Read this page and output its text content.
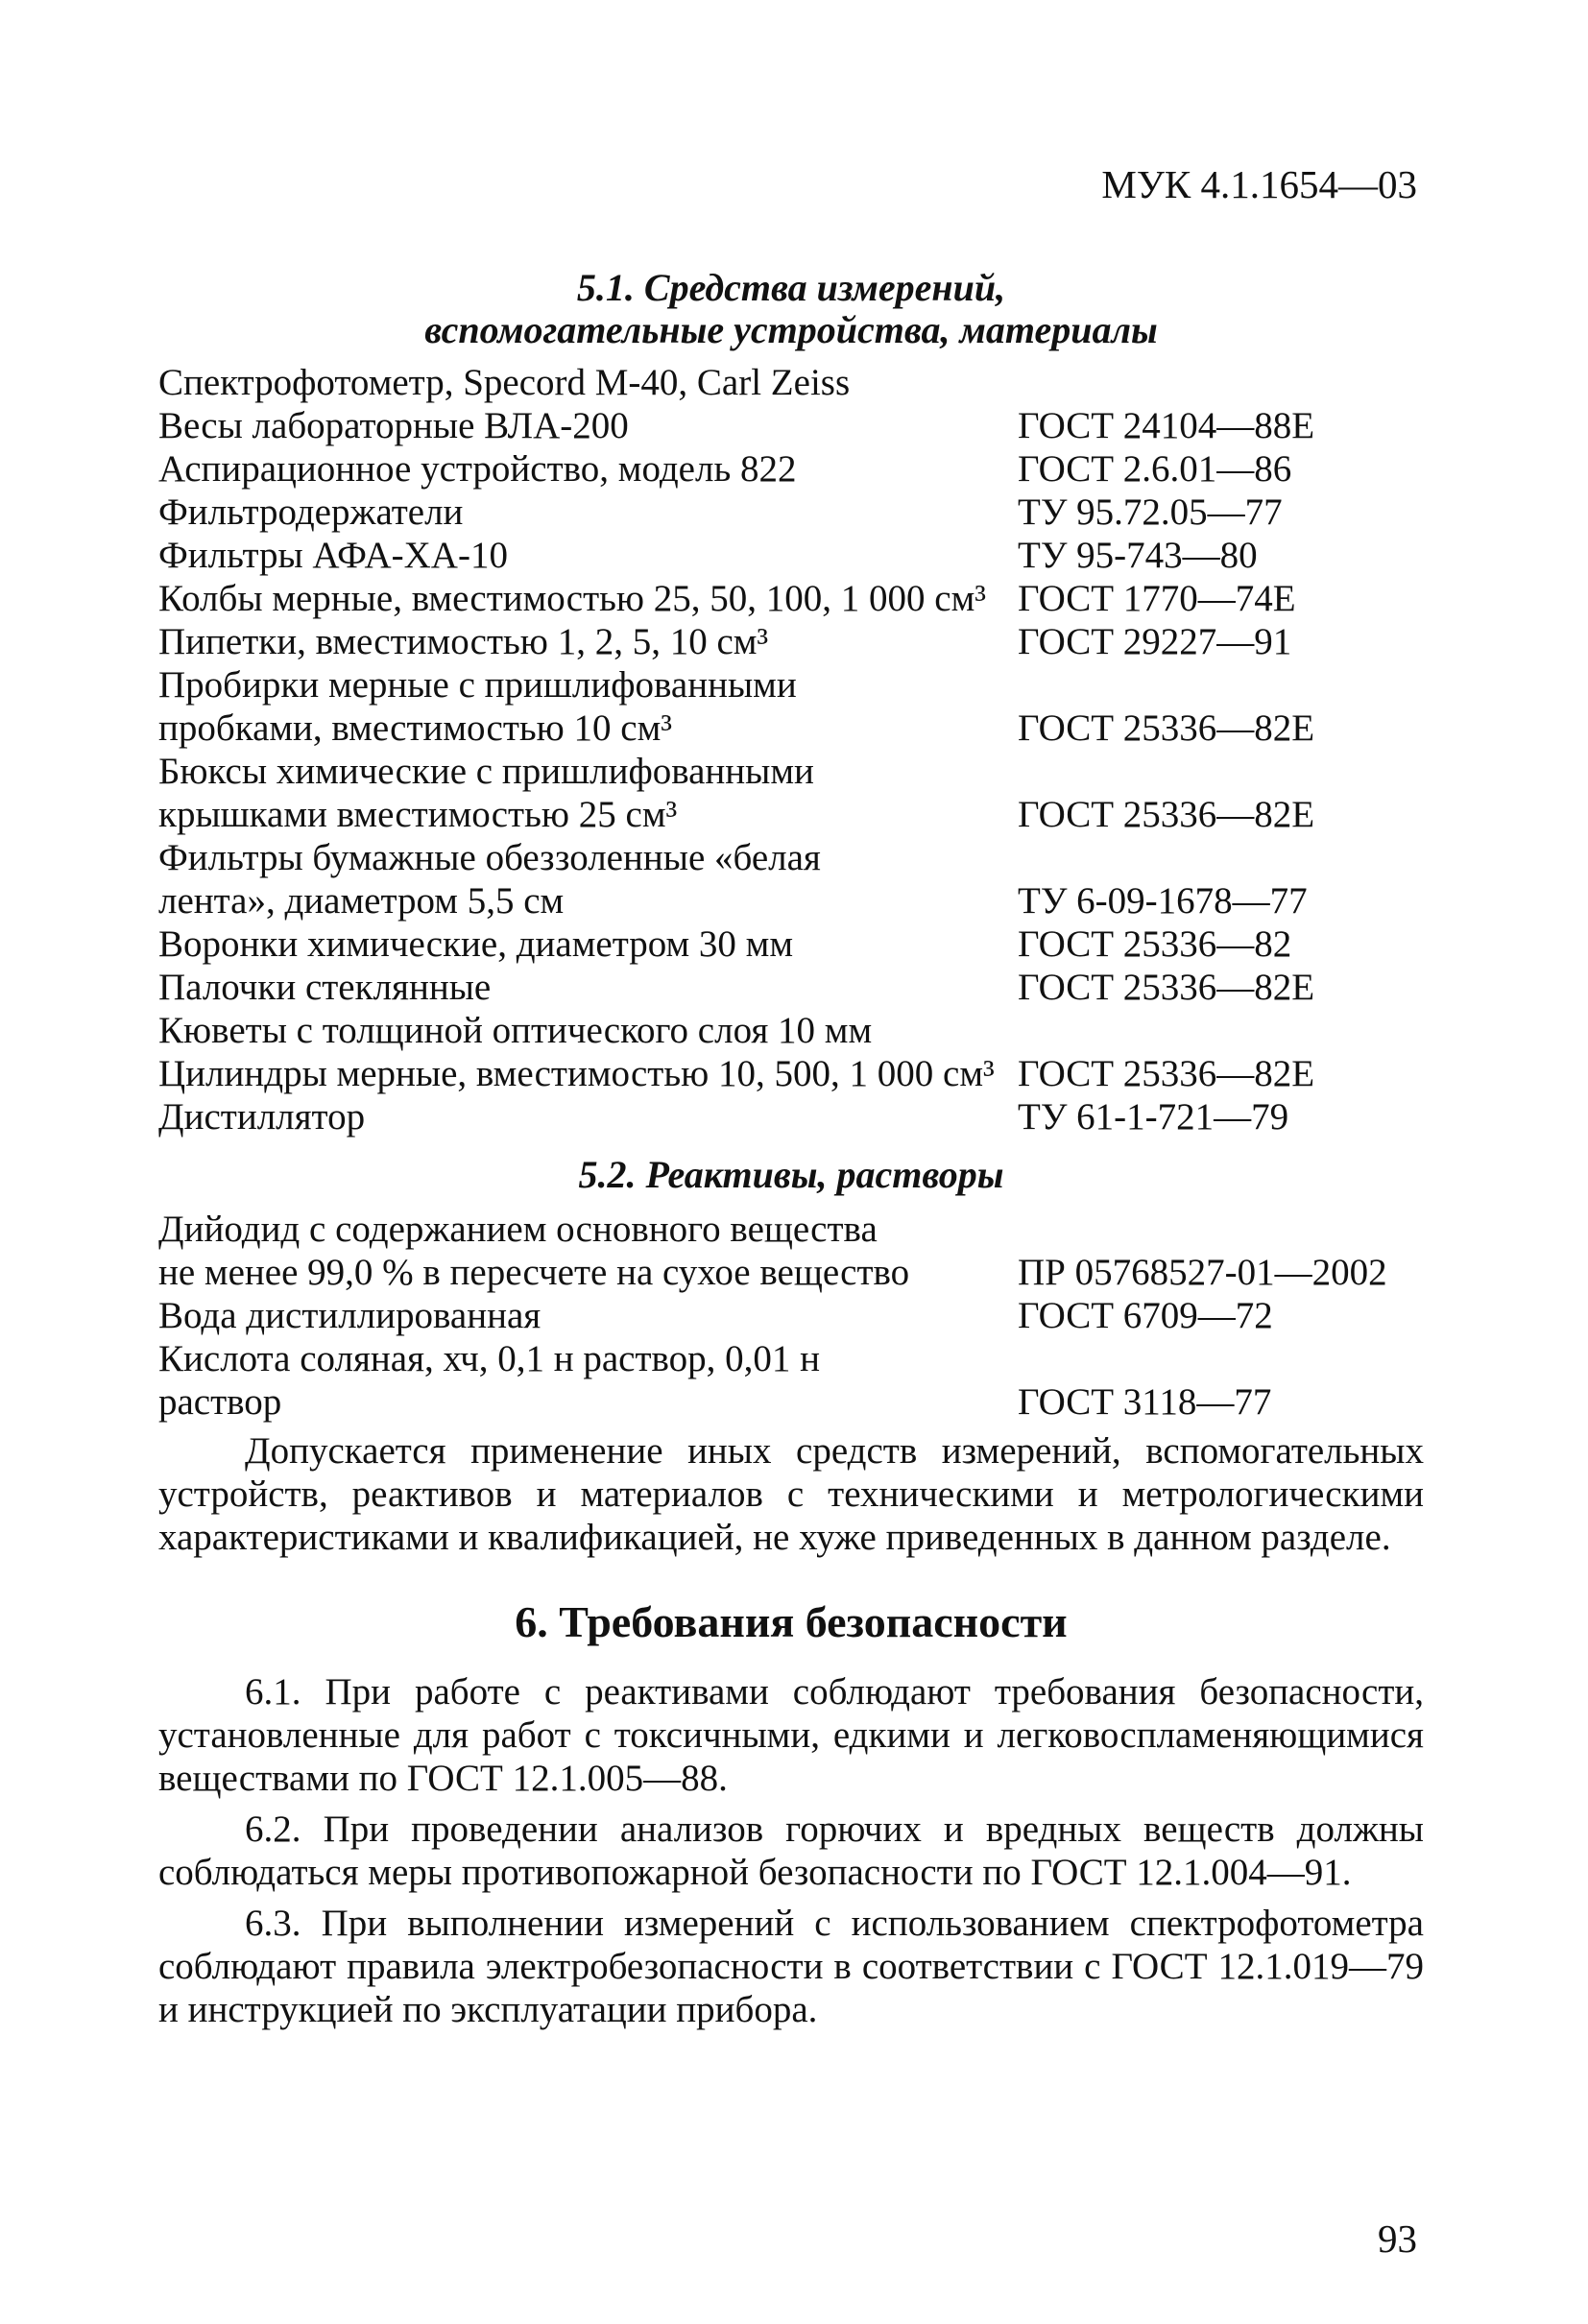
МУК 4.1.1654—03
5.1. Средства измерений,
вспомогательные устройства, материалы
Спектрофотометр, Specord M-40, Carl Zeiss
Весы лабораторные ВЛА-200	ГОСТ 24104—88Е
Аспирационное устройство, модель 822	ГОСТ 2.6.01—86
Фильтродержатели	ТУ 95.72.05—77
Фильтры АФА-ХА-10	ТУ 95-743—80
Колбы мерные, вместимостью 25, 50, 100, 1 000 см³ ГОСТ 1770—74Е
Пипетки, вместимостью 1, 2, 5, 10 см³	ГОСТ 29227—91
Пробирки мерные с пришлифованными
пробками, вместимостью 10 см³	ГОСТ 25336—82Е
Бюксы химические с пришлифованными
крышками вместимостью 25 см³	ГОСТ 25336—82Е
Фильтры бумажные обеззоленные «белая
лента», диаметром 5,5 см	ТУ 6-09-1678—77
Воронки химические, диаметром 30 мм	ГОСТ 25336—82
Палочки стеклянные	ГОСТ 25336—82Е
Кюветы с толщиной оптического слоя 10 мм
Цилиндры мерные, вместимостью 10, 500, 1 000 см³ ГОСТ 25336—82Е
Дистиллятор	ТУ 61-1-721—79
5.2. Реактивы, растворы
Дийодид с содержанием основного вещества
не менее 99,0 % в пересчете на сухое вещество	ПР 05768527-01—2002
Вода дистиллированная	ГОСТ 6709—72
Кислота соляная, хч, 0,1 н раствор, 0,01 н
раствор	ГОСТ 3118—77
Допускается применение иных средств измерений, вспомогательных устройств, реактивов и материалов с техническими и метрологическими характеристиками и квалификацией, не хуже приведенных в данном разделе.
6. Требования безопасности
6.1. При работе с реактивами соблюдают требования безопасности, установленные для работ с токсичными, едкими и легковоспламеняющимися веществами по ГОСТ 12.1.005—88.
6.2. При проведении анализов горючих и вредных веществ должны соблюдаться меры противопожарной безопасности по ГОСТ 12.1.004—91.
6.3. При выполнении измерений с использованием спектрофотометра соблюдают правила электробезопасности в соответствии с ГОСТ 12.1.019—79 и инструкцией по эксплуатации прибора.
93
